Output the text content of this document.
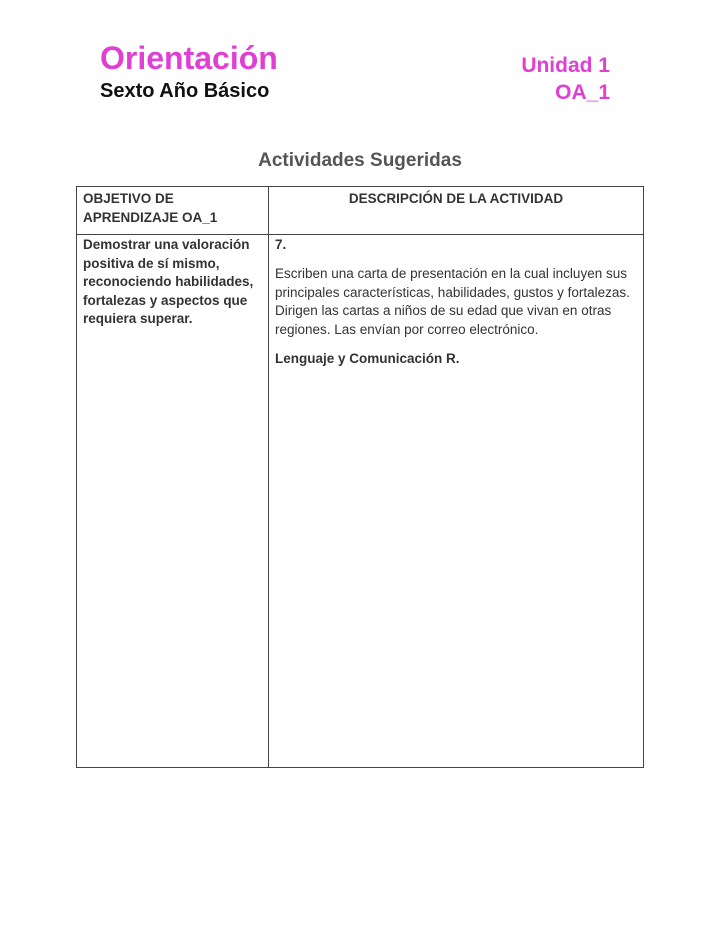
Orientación
Sexto Año Básico
Unidad 1
OA_1
Actividades Sugeridas
OBJETIVO DE APRENDIZAJE OA_1	DESCRIPCIÓN DE LA ACTIVIDAD
Demostrar una valoración positiva de sí mismo, reconociendo habilidades, fortalezas y aspectos que requiera superar.	7.

Escriben una carta de presentación en la cual incluyen sus principales características, habilidades, gustos y fortalezas. Dirigen las cartas a niños de su edad que vivan en otras regiones. Las envían por correo electrónico.

Lenguaje y Comunicación R.
